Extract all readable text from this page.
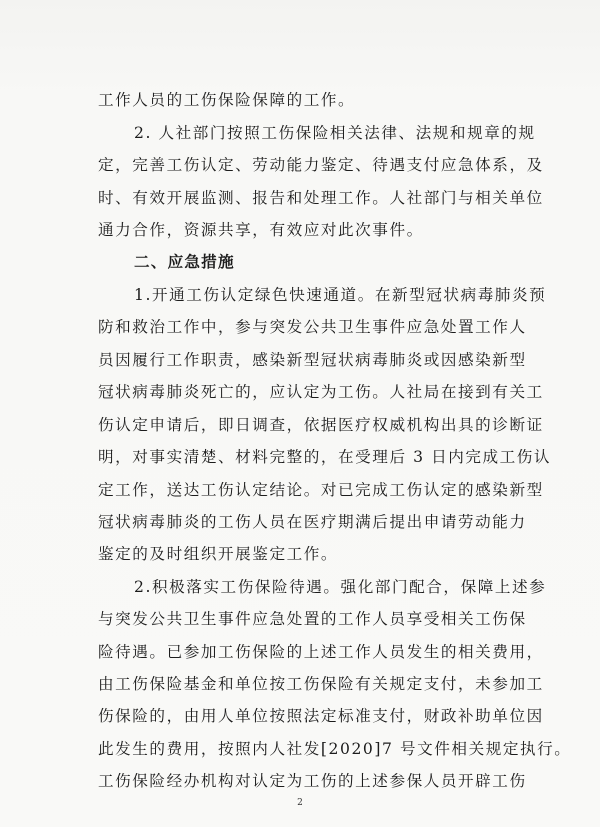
工作人员的工伤保险保障的工作。
2. 人社部门按照工伤保险相关法律、法规和规章的规
定，完善工伤认定、劳动能力鉴定、待遇支付应急体系，及
时、有效开展监测、报告和处理工作。人社部门与相关单位
通力合作，资源共享，有效应对此次事件。
二、应急措施
1.开通工伤认定绿色快速通道。在新型冠状病毒肺炎预
防和救治工作中，参与突发公共卫生事件应急处置工作人
员因履行工作职责，感染新型冠状病毒肺炎或因感染新型
冠状病毒肺炎死亡的，应认定为工伤。人社局在接到有关工
伤认定申请后，即日调查，依据医疗权威机构出具的诊断证
明，对事实清楚、材料完整的，在受理后 3 日内完成工伤认
定工作，送达工伤认定结论。对已完成工伤认定的感染新型
冠状病毒肺炎的工伤人员在医疗期满后提出申请劳动能力
鉴定的及时组织开展鉴定工作。
2.积极落实工伤保险待遇。强化部门配合，保障上述参
与突发公共卫生事件应急处置的工作人员享受相关工伤保
险待遇。已参加工伤保险的上述工作人员发生的相关费用，
由工伤保险基金和单位按工伤保险有关规定支付，未参加工
伤保险的，由用人单位按照法定标准支付，财政补助单位因
此发生的费用，按照内人社发[2020]7 号文件相关规定执行。
工伤保险经办机构对认定为工伤的上述参保人员开辟工伤
2
